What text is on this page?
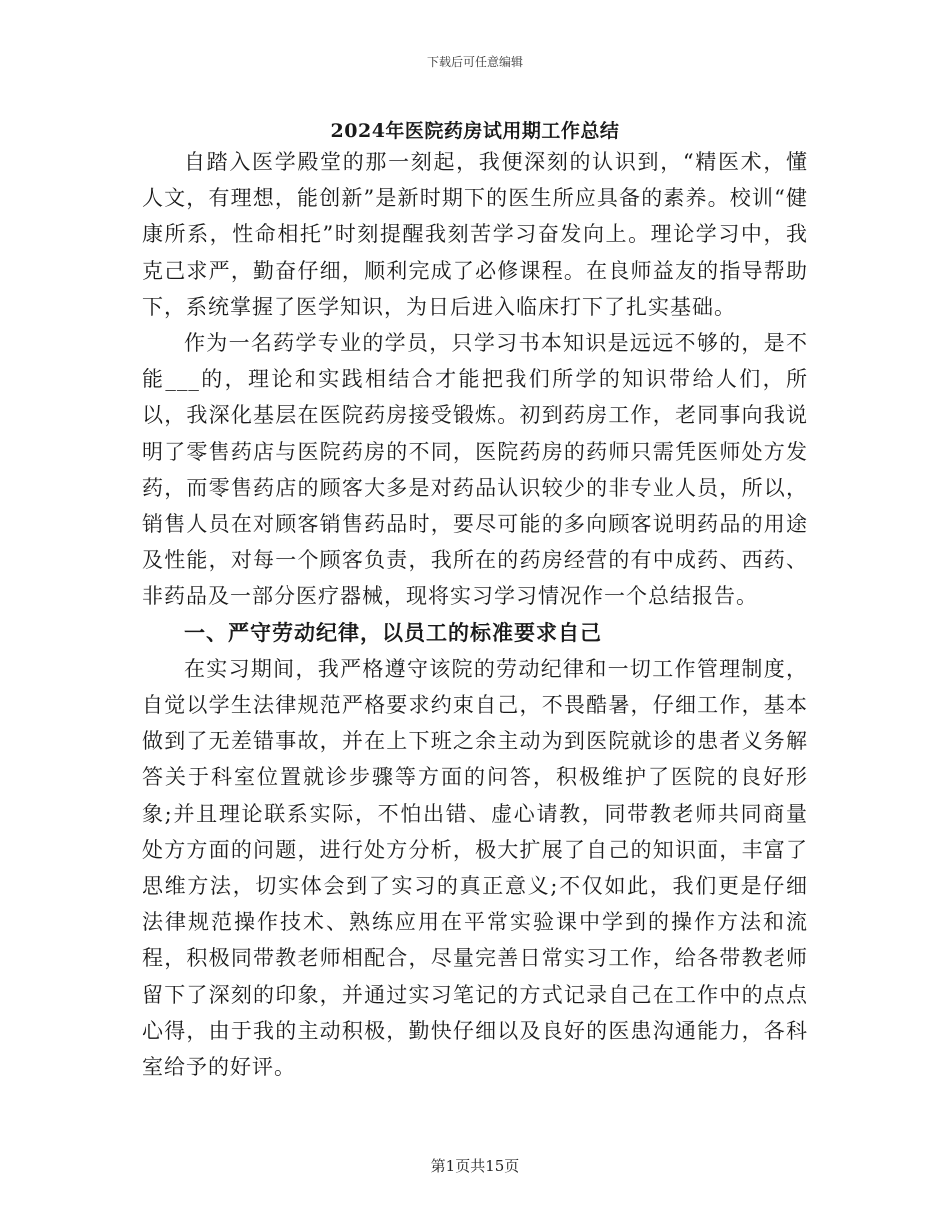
下载后可任意编辑
2024年医院药房试用期工作总结

自踏入医学殿堂的那一刻起，我便深刻的认识到，“精医术，懂人文，有理想，能创新”是新时期下的医生所应具备的素养。校训“健康所系，性命相托”时刻提醒我刻苦学习奋发向上。理论学习中，我克己求严，勤奋仔细，顺利完成了必修课程。在良师益友的指导帮助下，系统掌握了医学知识，为日后进入临床打下了扎实基础。

作为一名药学专业的学员，只学习书本知识是远远不够的，是不能___的，理论和实践相结合才能把我们所学的知识带给人们，所以，我深化基层在医院药房接受锻炼。初到药房工作，老同事向我说明了零售药店与医院药房的不同，医院药房的药师只需凭医师处方发药，而零售药店的顾客大多是对药品认识较少的非专业人员，所以，销售人员在对顾客销售药品时，要尽可能的多向顾客说明药品的用途及性能，对每一个顾客负责，我所在的药房经营的有中成药、西药、非药品及一部分医疗器械，现将实习学习情况作一个总结报告。

一、严守劳动纪律，以员工的标准要求自己

在实习期间，我严格遵守该院的劳动纪律和一切工作管理制度，自觉以学生法律规范严格要求约束自己，不畏酷暑，仔细工作，基本做到了无差错事故，并在上下班之余主动为到医院就诊的患者义务解答关于科室位置就诊步骤等方面的问答，积极维护了医院的良好形象;并且理论联系实际，不怕出错、虚心请教，同带教老师共同商量处方方面的问题，进行处方分析，极大扩展了自己的知识面，丰富了思维方法，切实体会到了实习的真正意义;不仅如此，我们更是仔细法律规范操作技术、熟练应用在平常实验课中学到的操作方法和流程，积极同带教老师相配合，尽量完善日常实习工作，给各带教老师留下了深刻的印象，并通过实习笔记的方式记录自己在工作中的点点心得，由于我的主动积极，勤快仔细以及良好的医患沟通能力，各科室给予的好评。

第1页共15页
